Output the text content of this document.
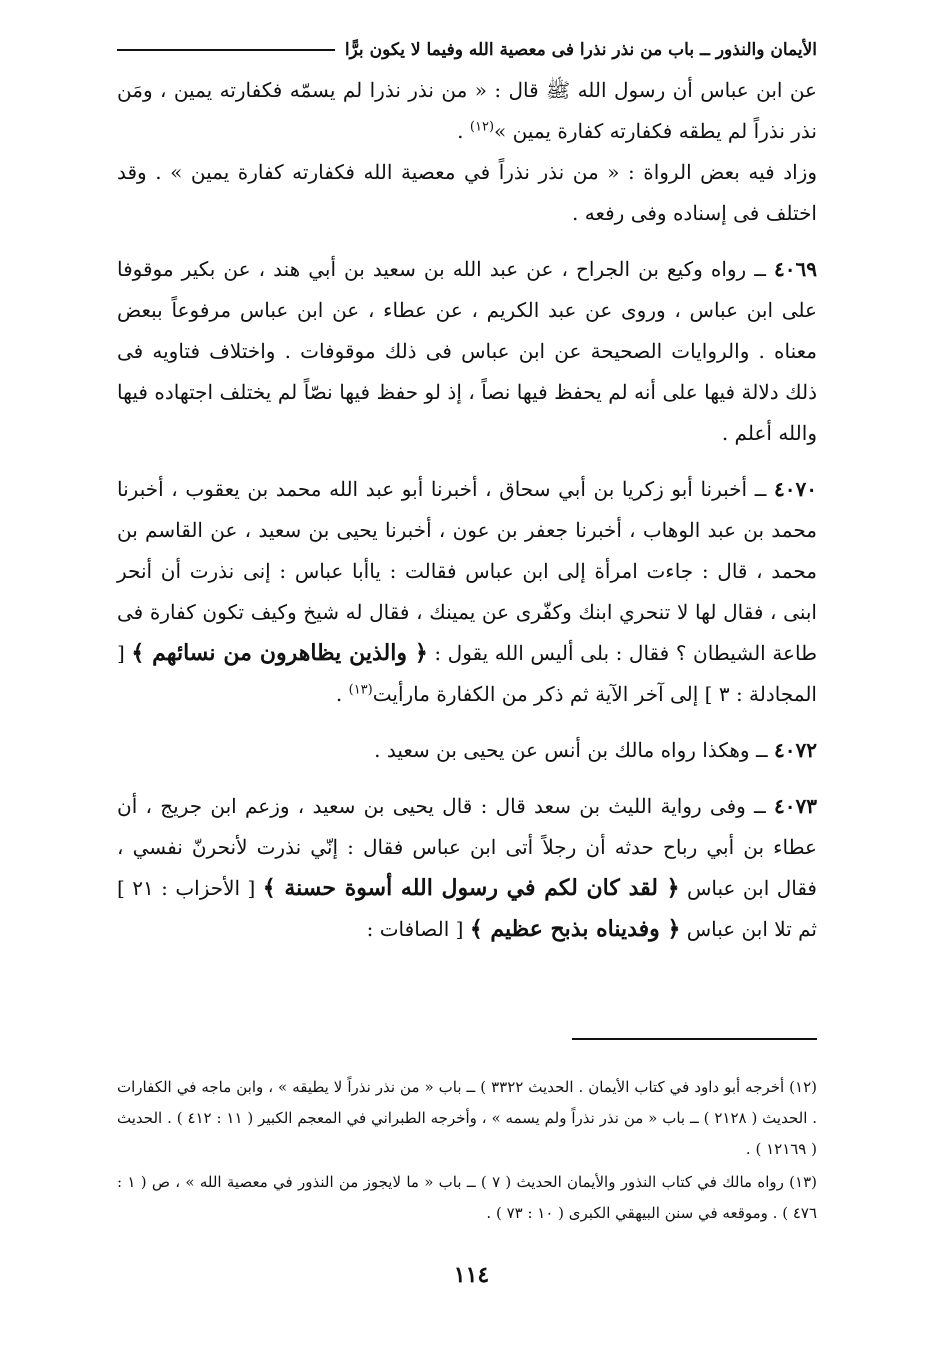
الأيمان والنذور ــ باب من نذر نذرا فى معصية الله وفيما لا يكون برًّا

عن ابن عباس أن رسول الله ﷺ قال : « من نذر نذرا لم يسمّه فكفارته يمين ، ومَن نذر نذراً لم يطقه فكفارته كفارة يمين »$^{(١٢)}$ .

وزاد فيه بعض الرواة : « من نذر نذراً في معصية الله فكفارته كفارة يمين » . وقد اختلف فى إسناده وفى رفعه .

٤٠٦٩ ــ رواه وكيع بن الجراح ، عن عبد الله بن سعيد بن أبي هند ، عن بكير موقوفا على ابن عباس ، وروى عن عبد الكريم ، عن عطاء ، عن ابن عباس مرفوعاً ببعض معناه . والروايات الصحيحة عن ابن عباس فى ذلك موقوفات . واختلاف فتاويه فى ذلك دلالة فيها على أنه لم يحفظ فيها نصاً ، إذ لو حفظ فيها نصّاً لم يختلف اجتهاده فيها والله أعلم .

٤٠٧٠ ــ أخبرنا أبو زكريا بن أبي سحاق ، أخبرنا أبو عبد الله محمد بن يعقوب ، أخبرنا محمد بن عبد الوهاب ، أخبرنا جعفر بن عون ، أخبرنا يحيى بن سعيد ، عن القاسم بن محمد ، قال : جاءت امرأة إلى ابن عباس فقالت : ياأبا عباس : إنى نذرت أن أنحر ابنى ، فقال لها لا تنحري ابنك وكفّرى عن يمينك ، فقال له شيخ وكيف تكون كفارة فى طاعة الشيطان ؟ فقال : بلى أليس الله يقول : ﴿ والذين يظاهرون من نسائهم ﴾ [ المجادلة : ٣ ] إلى آخر الآية ثم ذكر من الكفارة مارأيت$^{(١٣)}$ .

٤٠٧٢ ــ وهكذا رواه مالك بن أنس عن يحيى بن سعيد .

٤٠٧٣ ــ وفى رواية الليث بن سعد قال : قال يحيى بن سعيد ، وزعم ابن جريج ، أن عطاء بن أبي رباح حدثه أن رجلاً أتى ابن عباس فقال : إنّي نذرت لأنحرنّ نفسي ، فقال ابن عباس ﴿ لقد كان لكم في رسول الله أسوة حسنة ﴾ [ الأحزاب : ٢١ ] ثم تلا ابن عباس ﴿ وفديناه بذبح عظيم ﴾ [ الصافات :

(١٢) أخرجه أبو داود في كتاب الأيمان . الحديث ٣٣٢٢ ) ــ باب « من نذر نذراً لا يطيقه » ، وابن ماجه في الكفارات . الحديث ( ٢١٢٨ ) ــ باب « من نذر نذراً ولم يسمه » ، وأخرجه الطبراني في المعجم الكبير ( ١١ : ٤١٢ ) . الحديث ( ١٢١٦٩ ) .

(١٣) رواه مالك في كتاب النذور والأيمان الحديث ( ٧ ) ــ باب « ما لايجوز من النذور في معصية الله » ، ص ( ١ : ٤٧٦ ) . وموقعه في سنن البيهقي الكبرى ( ١٠ : ٧٣ ) .

١١٤
